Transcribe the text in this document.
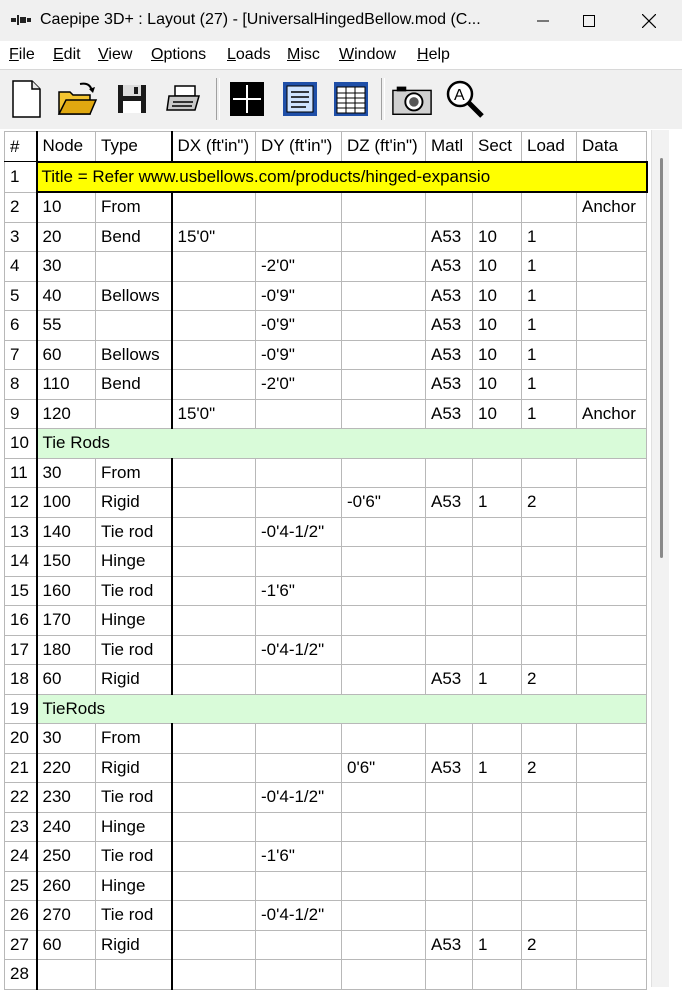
Caepipe 3D+ : Layout (27) - [UniversalHingedBellow.mod (C...
File Edit View Options Loads Misc Window Help
A
#	Node	Type	DX (ft'in")	DY (ft'in")	DZ (ft'in")	Matl	Sect	Load	Data
1	Title = Refer www.usbellows.com/products/hinged-expansio								
2	10	From							Anchor
3	20	Bend	15'0"			A53	10	1	
4	30			-2'0"		A53	10	1	
5	40	Bellows		-0'9"		A53	10	1	
6	55			-0'9"		A53	10	1	
7	60	Bellows		-0'9"		A53	10	1	
8	110	Bend		-2'0"		A53	10	1	
9	120		15'0"			A53	10	1	Anchor
10	Tie Rods								
11	30	From							
12	100	Rigid			-0'6"	A53	1	2	
13	140	Tie rod		-0'4-1/2"					
14	150	Hinge							
15	160	Tie rod		-1'6"					
16	170	Hinge							
17	180	Tie rod		-0'4-1/2"					
18	60	Rigid				A53	1	2	
19	TieRods								
20	30	From							
21	220	Rigid			0'6"	A53	1	2	
22	230	Tie rod		-0'4-1/2"					
23	240	Hinge							
24	250	Tie rod		-1'6"					
25	260	Hinge							
26	270	Tie rod		-0'4-1/2"					
27	60	Rigid				A53	1	2	
28									
